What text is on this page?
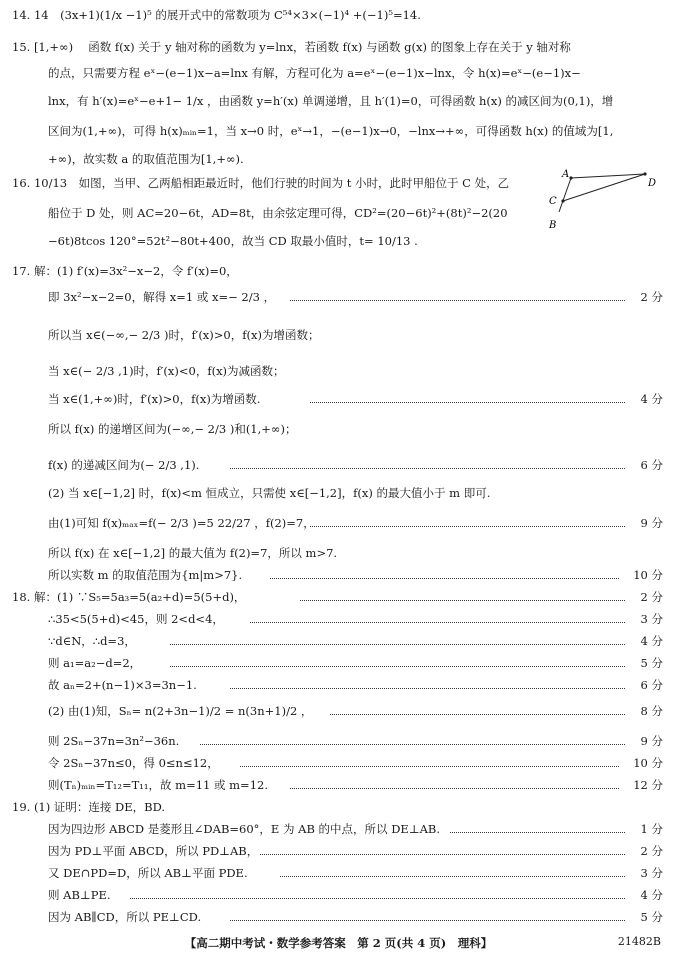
14. 14　(3x+1)(1/x −1)⁵ 的展开式中的常数项为 C⁵⁴×3×(−1)⁴ +(−1)⁵=14.
15. [1,+∞)　 函数 f(x) 关于 y 轴对称的函数为 y=lnx，若函数 f(x) 与函数 g(x) 的图象上存在关于 y 轴对称
的点，只需要方程 eˣ−(e−1)x−a=lnx 有解，方程可化为 a=eˣ−(e−1)x−lnx，令 h(x)=eˣ−(e−1)x−
lnx，有 h′(x)=eˣ−e+1− 1/x ，由函数 y=h′(x) 单调递增，且 h′(1)=0，可得函数 h(x) 的减区间为(0,1)，增
区间为(1,+∞)，可得 h(x)ₘᵢₙ=1，当 x→0 时，eˣ→1，−(e−1)x→0，−lnx→+∞，可得函数 h(x) 的值域为[1,
+∞)，故实数 a 的取值范围为[1,+∞).
16. 10/13　如图，当甲、乙两船相距最近时，他们行驶的时间为 t 小时，此时甲船位于 C 处，乙
船位于 D 处，则 AC=20−6t，AD=8t，由余弦定理可得，CD²=(20−6t)²+(8t)²−2(20
−6t)8tcos 120°=52t²−80t+400，故当 CD 取最小值时，t= 10/13 .
A
D
C
B
17. 解：(1) f′(x)=3x²−x−2，令 f′(x)=0，
即 3x²−x−2=0，解得 x=1 或 x=− 2/3 ，	2 分
所以当 x∈(−∞,− 2/3 )时，f′(x)>0，f(x)为增函数；
当 x∈(− 2/3 ,1)时，f′(x)<0，f(x)为减函数；
当 x∈(1,+∞)时，f′(x)>0，f(x)为增函数.	4 分
所以 f(x) 的递增区间为(−∞,− 2/3 )和(1,+∞)；
f(x) 的递减区间为(− 2/3 ,1).	6 分
(2) 当 x∈[−1,2] 时，f(x)<m 恒成立，只需使 x∈[−1,2]，f(x) 的最大值小于 m 即可.
由(1)可知 f(x)ₘₐₓ=f(− 2/3 )=5 22/27 ，f(2)=7，	9 分
所以 f(x) 在 x∈[−1,2] 的最大值为 f(2)=7，所以 m>7.
所以实数 m 的取值范围为{m|m>7}.	10 分
18. 解：(1) ∵S₅=5a₃=5(a₂+d)=5(5+d)，	2 分
∴35<5(5+d)<45，则 2<d<4，	3 分
∵d∈N，∴d=3，	4 分
则 a₁=a₂−d=2，	5 分
故 aₙ=2+(n−1)×3=3n−1.	6 分
(2) 由(1)知，Sₙ= n(2+3n−1)/2 = n(3n+1)/2 ，	8 分
则 2Sₙ−37n=3n²−36n.	9 分
令 2Sₙ−37n≤0，得 0≤n≤12，	10 分
则(Tₙ)ₘᵢₙ=T₁₂=T₁₁，故 m=11 或 m=12.	12 分
19. (1) 证明：连接 DE，BD.
因为四边形 ABCD 是菱形且∠DAB=60°，E 为 AB 的中点，所以 DE⊥AB.	1 分
因为 PD⊥平面 ABCD，所以 PD⊥AB，	2 分
又 DE∩PD=D，所以 AB⊥平面 PDE.	3 分
则 AB⊥PE.	4 分
因为 AB∥CD，所以 PE⊥CD.	5 分
【高二期中考试・数学参考答案　第 2 页(共 4 页)　理科】	21482B
